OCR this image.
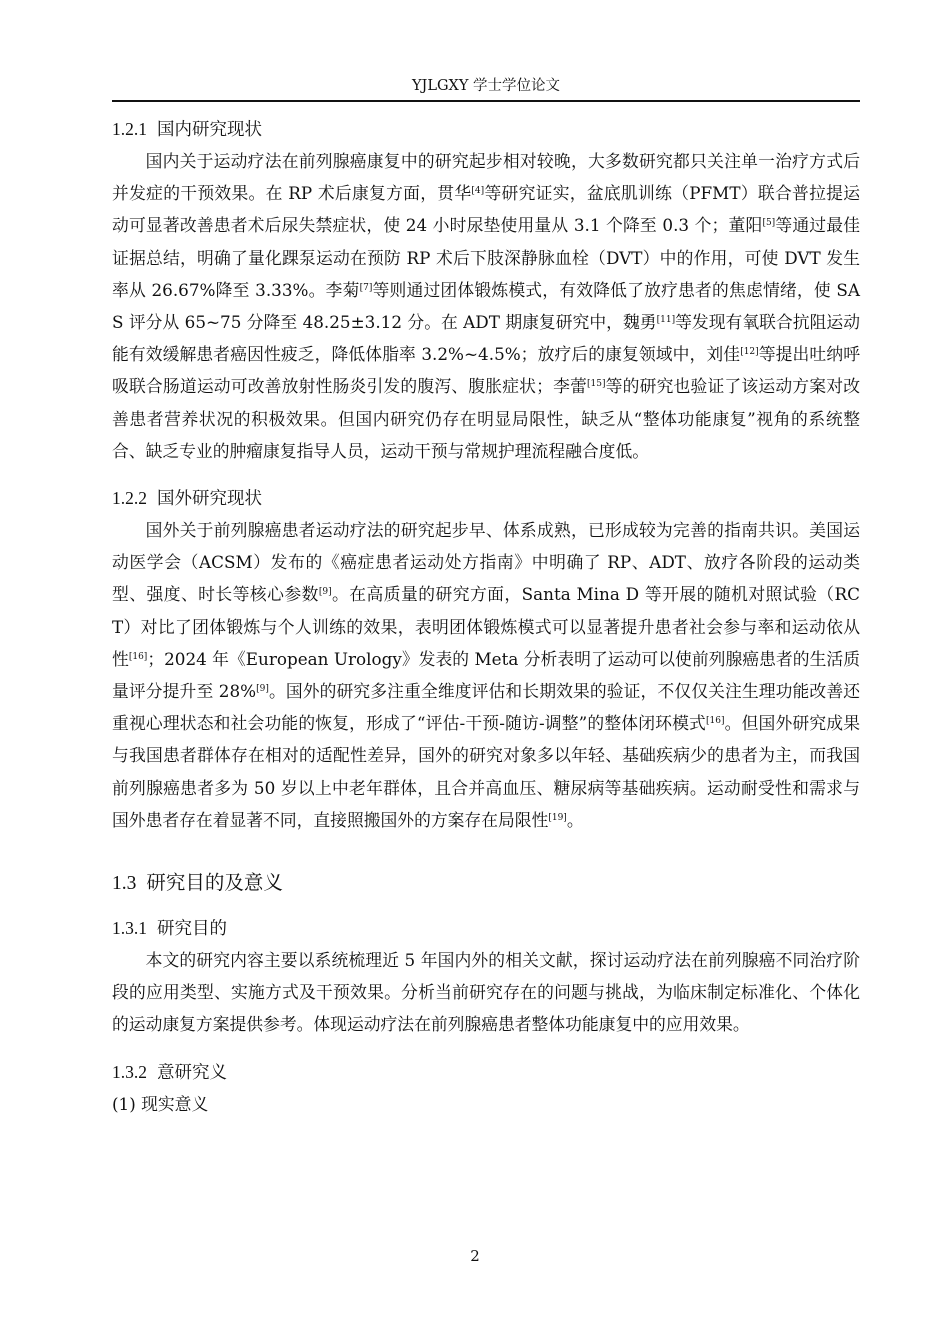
YJLGXY 学士学位论文
1.2.1 国内研究现状

国内关于运动疗法在前列腺癌康复中的研究起步相对较晚，大多数研究都只关注单一治疗方式后并发症的干预效果。在 RP 术后康复方面，贯华[4]等研究证实，盆底肌训练（PFMT）联合普拉提运动可显著改善患者术后尿失禁症状，使 24 小时尿垫使用量从 3.1 个降至 0.3 个；董阳[5]等通过最佳证据总结，明确了量化踝泵运动在预防 RP 术后下肢深静脉血栓（DVT）中的作用，可使 DVT 发生率从 26.67%降至 3.33%。李菊[7]等则通过团体锻炼模式，有效降低了放疗患者的焦虑情绪，使 SAS 评分从 65~75 分降至 48.25±3.12 分。在 ADT 期康复研究中，魏勇[11]等发现有氧联合抗阻运动能有效缓解患者癌因性疲乏，降低体脂率 3.2%~4.5%；放疗后的康复领域中，刘佳[12]等提出吐纳呼吸联合肠道运动可改善放射性肠炎引发的腹泻、腹胀症状；李蕾[15]等的研究也验证了该运动方案对改善患者营养状况的积极效果。但国内研究仍存在明显局限性，缺乏从“整体功能康复”视角的系统整合、缺乏专业的肿瘤康复指导人员，运动干预与常规护理流程融合度低。

1.2.2 国外研究现状

国外关于前列腺癌患者运动疗法的研究起步早、体系成熟，已形成较为完善的指南共识。美国运动医学会（ACSM）发布的《癌症患者运动处方指南》中明确了 RP、ADT、放疗各阶段的运动类型、强度、时长等核心参数[9]。在高质量的研究方面，Santa Mina D 等开展的随机对照试验（RCT）对比了团体锻炼与个人训练的效果，表明团体锻炼模式可以显著提升患者社会参与率和运动依从性[16]；2024 年《European Urology》发表的 Meta 分析表明了运动可以使前列腺癌患者的生活质量评分提升至 28%[9]。国外的研究多注重全维度评估和长期效果的验证，不仅仅关注生理功能改善还重视心理状态和社会功能的恢复，形成了“评估-干预-随访-调整”的整体闭环模式[16]。但国外研究成果与我国患者群体存在相对的适配性差异，国外的研究对象多以年轻、基础疾病少的患者为主，而我国前列腺癌患者多为 50 岁以上中老年群体，且合并高血压、糖尿病等基础疾病。运动耐受性和需求与国外患者存在着显著不同，直接照搬国外的方案存在局限性[19]。

1.3 研究目的及意义
1.3.1 研究目的

本文的研究内容主要以系统梳理近 5 年国内外的相关文献，探讨运动疗法在前列腺癌不同治疗阶段的应用类型、实施方式及干预效果。分析当前研究存在的问题与挑战，为临床制定标准化、个体化的运动康复方案提供参考。体现运动疗法在前列腺癌患者整体功能康复中的应用效果。

1.3.2 意研究义

(1) 现实意义

2
